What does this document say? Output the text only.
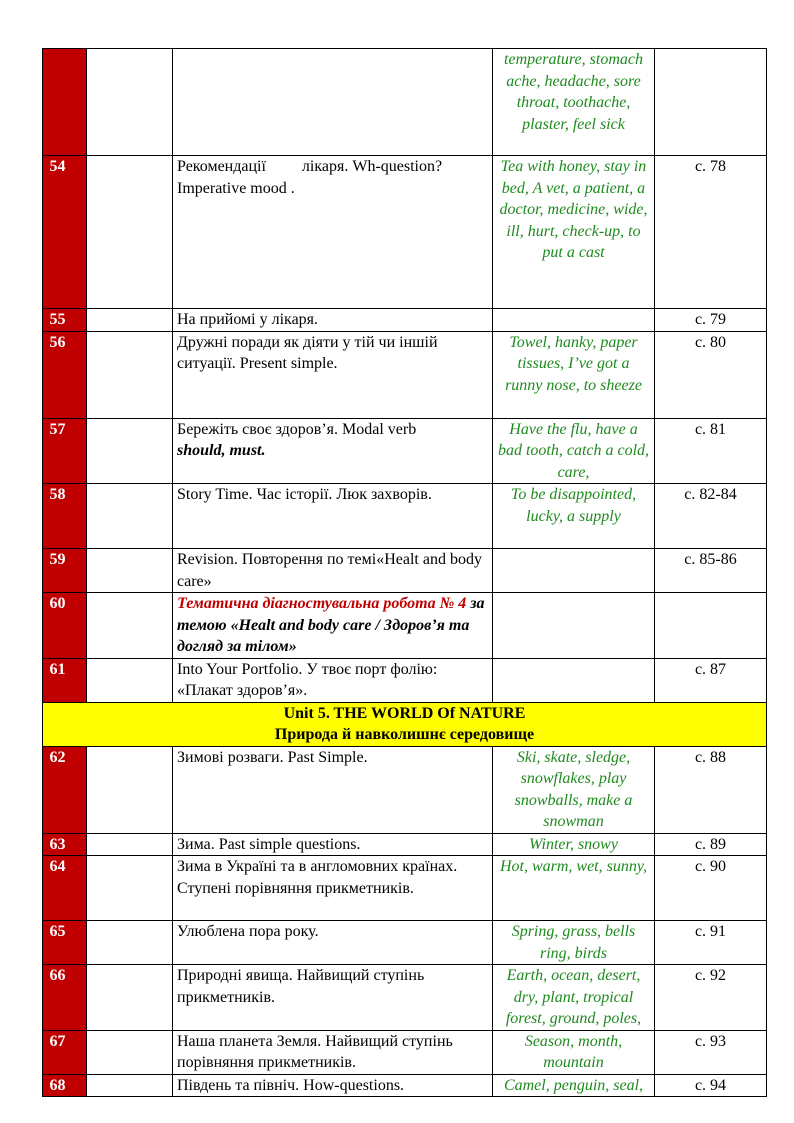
			temperature, stomach ache, headache, sore throat, toothache, plaster, feel sick	
54		Рекомендації         лікаря. Wh-question? Imperative mood .	Tea with honey, stay in bed, A vet, a patient, a doctor, medicine, wide, ill, hurt, check-up, to put a cast	с. 78
55		На прийомі у лікаря.		с. 79
56		Дружні поради як діяти у тій чи іншій ситуації. Present simple.	Towel, hanky, paper tissues, I’ve got a runny nose, to sheeze	с. 80
57		Бережіть своє здоров’я. Modal verb
should, must.	Have the flu, have a bad tooth, catch a cold, care,	с. 81
58		Story Time. Час історії. Люк захворів.	To be disappointed, lucky, a supply	с. 82-84
59		Revision. Повторення по темі«Healt and body care»		с. 85-86
60		Тематична діагностувальна робота № 4 за темою «Healt and body care / Здоров’я та догляд за тілом»		
61		Into Your Portfolio. У твоє порт фолію: «Плакат здоров’я».		с. 87
Unit 5. THE WORLD Of NATURE
Природа й навколишнє середовище				
62		Зимові розваги. Past Simple.	Ski, skate, sledge, snowflakes, play snowballs, make a snowman	с. 88
63		Зима. Past simple questions.	Winter, snowy	с. 89
64		Зима в Україні та в англомовних країнах. Ступені порівняння прикметників.	Hot, warm, wet, sunny,	с. 90
65		Улюблена пора року.	Spring, grass, bells ring, birds	с. 91
66		Природні явища. Найвищий ступінь прикметників.	Earth, ocean, desert, dry, plant, tropical forest, ground, poles,	с. 92
67		Наша планета Земля. Найвищий ступінь порівняння прикметників.	Season, month, mountain	с. 93
68		Південь та північ. How-questions.	Camel, penguin, seal,	с. 94
